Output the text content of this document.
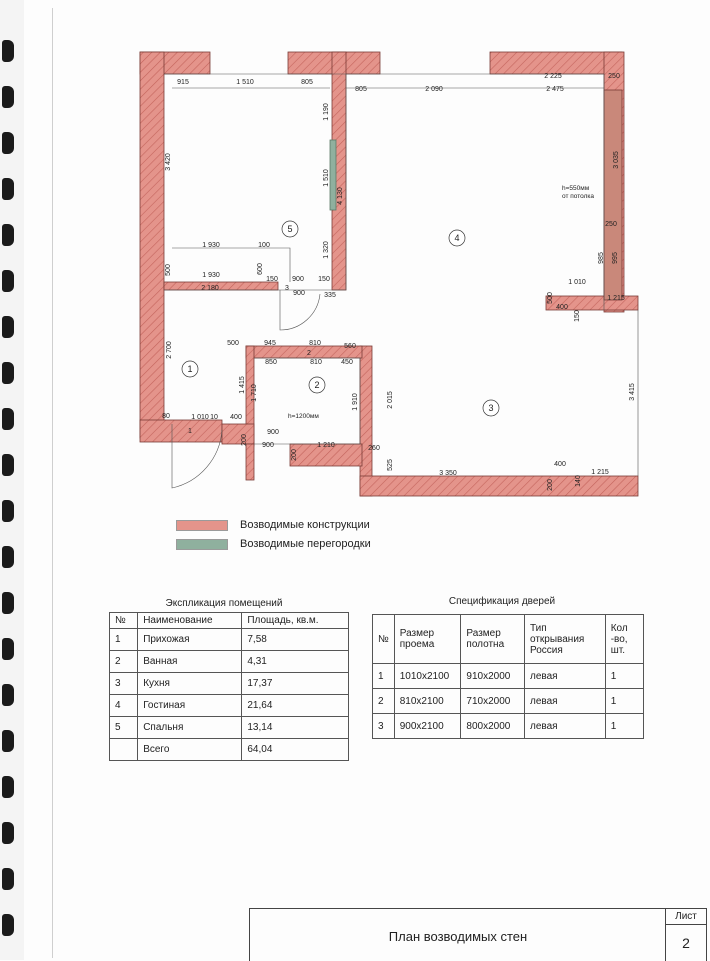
1
2
3
4
5
915	1 510	805
805	2 090
2 225
2 475
250
3 420
1 190
1 510
4 130
1 320
3 035
250
985 995
1 930	100
500	1 930
600
150 900 150
2 180	3
900	335
1 010
1 215
500
400
150
2 700	500	945	810
2
560
850	810	450
1 415 1 710
1 910	2 015	3 415
80	1 010 10 400
900
900
200
200
1 210	260
525
3 350
400
1 215
200	140
h=550мм
от потолка
h=1200мм
1
Возводимые конструкции
Возводимые перегородки
Экспликация помещений
№	Наименование	Площадь, кв.м.
1	Прихожая	7,58
2	Ванная	4,31
3	Кухня	17,37
4	Гостиная	21,64
5	Спальня	13,14
	Всего	64,04
Спецификация дверей
№	Размер проема	Размер полотна	Тип открывания Россия	Кол -во, шт.
1	1010х2100	910х2000	левая	1
2	810х2100	710х2000	левая	1
3	900х2100	800х2000	левая	1
План возводимых стен
Лист
2
